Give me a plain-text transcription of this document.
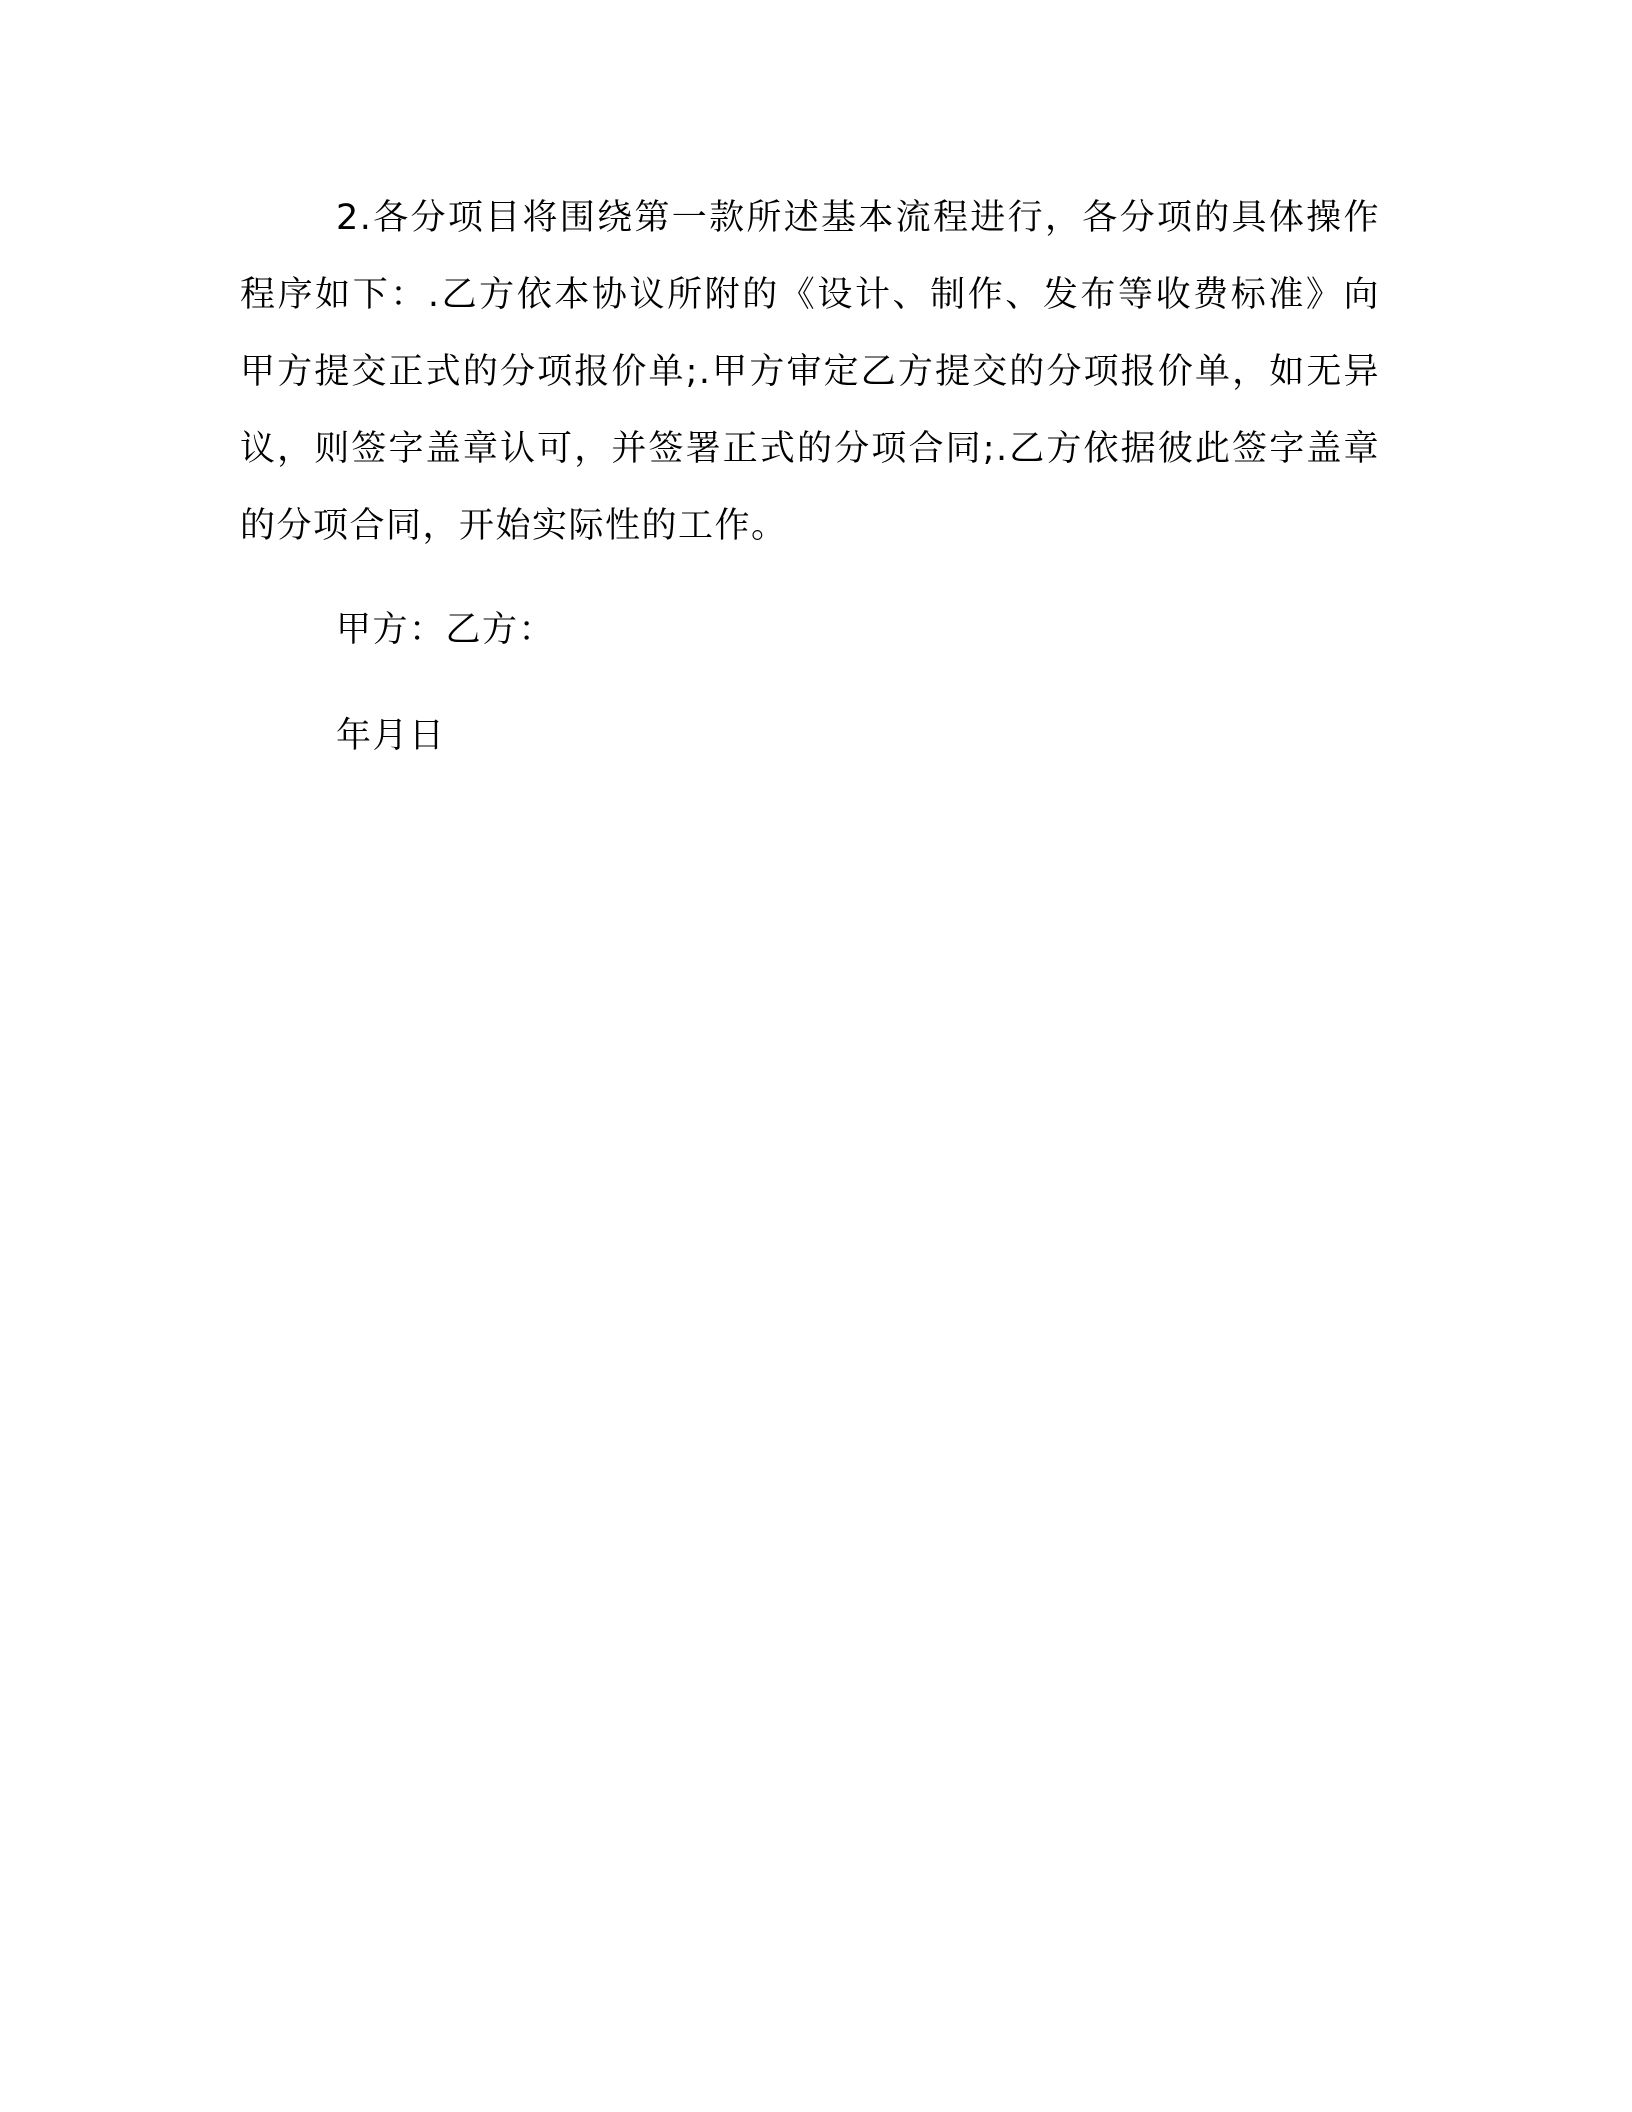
2.各分项目将围绕第一款所述基本流程进行，各分项的具体操作程序如下：.乙方依本协议所附的《设计、制作、发布等收费标准》向甲方提交正式的分项报价单;.甲方审定乙方提交的分项报价单，如无异议，则签字盖章认可，并签署正式的分项合同;.乙方依据彼此签字盖章的分项合同，开始实际性的工作。

甲方：乙方：

年月日
